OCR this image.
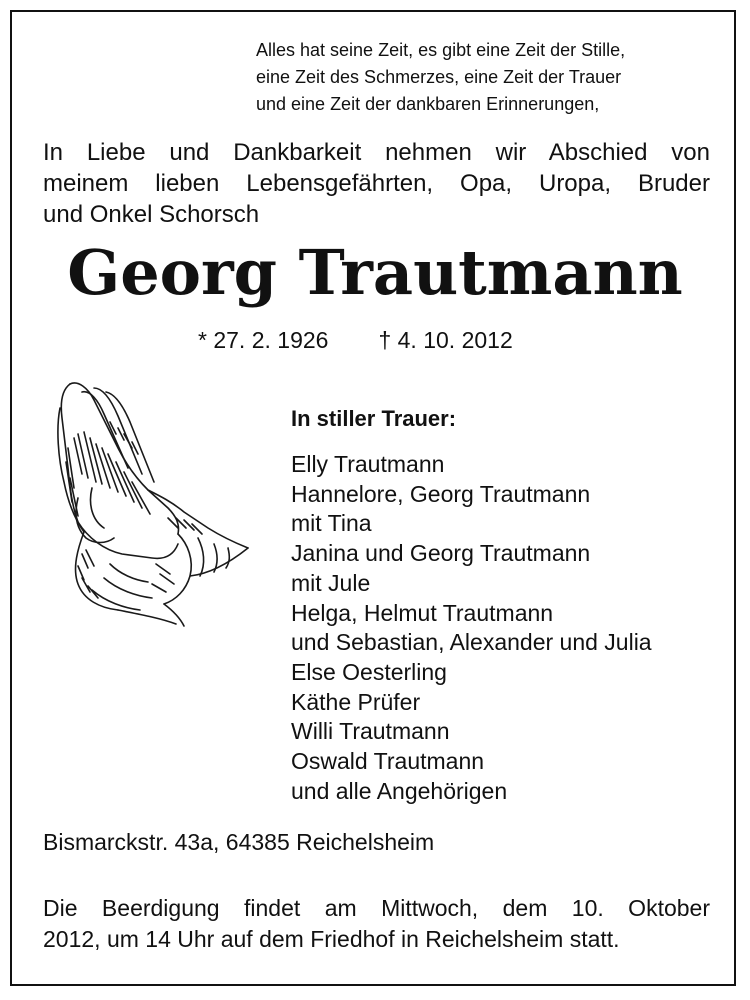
Alles hat seine Zeit, es gibt eine Zeit der Stille,
eine Zeit des Schmerzes, eine Zeit der Trauer
und eine Zeit der dankbaren Erinnerungen,
In Liebe und Dankbarkeit nehmen wir Abschied von
meinem lieben Lebensgefährten, Opa, Uropa, Bruder
und Onkel Schorsch
Georg Trautmann
* 27. 2. 1926 † 4. 10. 2012
In stiller Trauer:
Elly Trautmann
Hannelore, Georg Trautmann
mit Tina
Janina und Georg Trautmann
mit Jule
Helga, Helmut Trautmann
und Sebastian, Alexander und Julia
Else Oesterling
Käthe Prüfer
Willi Trautmann
Oswald Trautmann
und alle Angehörigen
Bismarckstr. 43a, 64385 Reichelsheim
Die Beerdigung findet am Mittwoch, dem 10. Oktober
2012, um 14 Uhr auf dem Friedhof in Reichelsheim statt.
